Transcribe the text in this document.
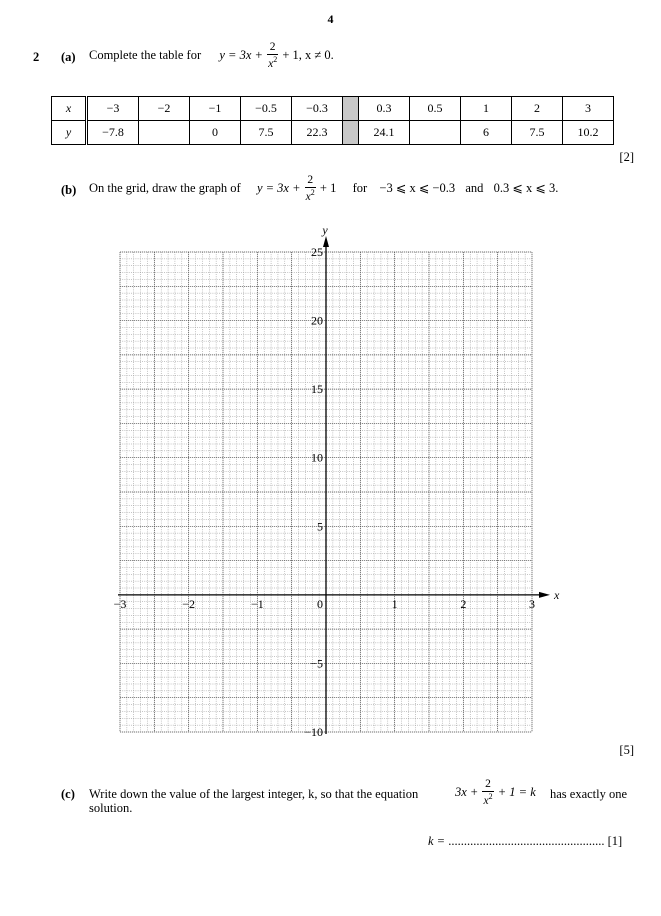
4
2 (a) Complete the table for $y = 3x + \frac{2}{x^2} + 1$, x ≠ 0.
x	−3	−2	−1	−0.5	−0.3		0.3	0.5	1	2	3
y	−7.8		0	7.5	22.3		24.1		6	7.5	10.2
[2]
(b) On the grid, draw the graph of $y = 3x + \frac{2}{x^2} + 1$ for −3 ⩽ x ⩽ −0.3 and 0.3 ⩽ x ⩽ 3.
x
y
−3	−2	−1	0	1	2	3
−10
−5
5
10
15
20
25
[5]
(c) Write down the value of the largest integer, k, so that the equation	$3x + \frac{2}{x^2} + 1 = k$ has exactly one
solution.
k = .................................................. [1]
